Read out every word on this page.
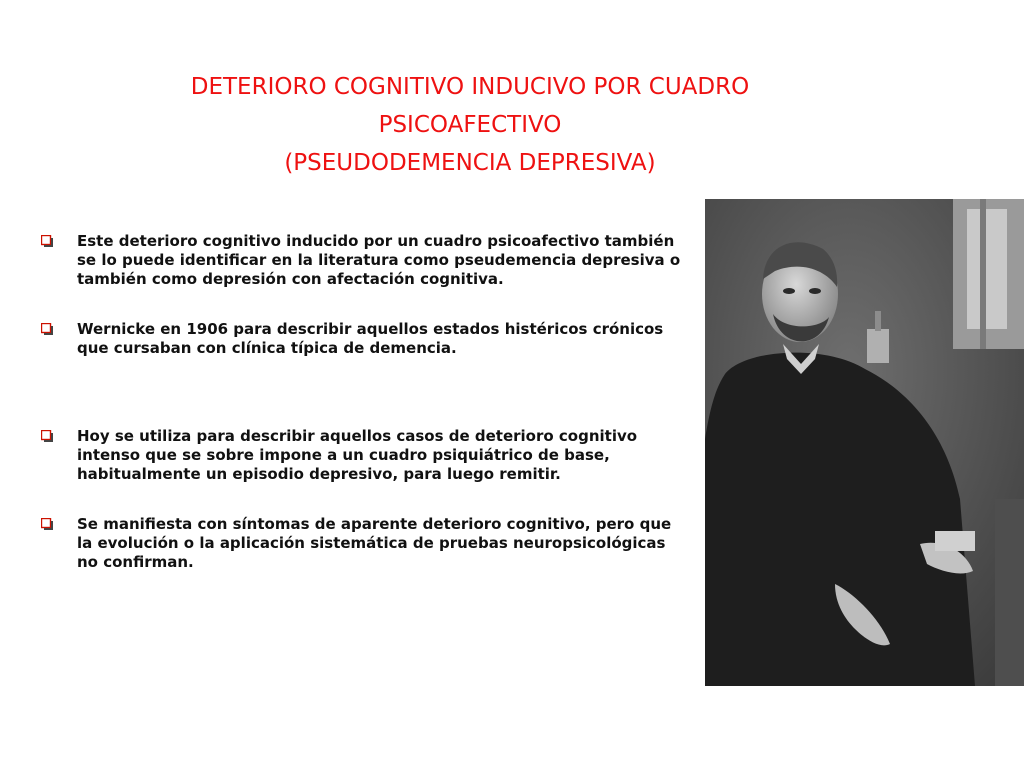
DETERIORO COGNITIVO INDUCIVO POR CUADRO
PSICOAFECTIVO
(PSEUDODEMENCIA DEPRESIVA)
Este deterioro cognitivo inducido por un cuadro psicoafectivo también se lo puede identificar en la literatura como pseudemencia depresiva o también como depresión con afectación cognitiva.
Wernicke en 1906 para describir aquellos estados histéricos crónicos que cursaban con clínica típica de demencia.
Hoy se utiliza para describir aquellos casos de deterioro cognitivo intenso que se sobre impone a un cuadro psiquiátrico de base, habitualmente un episodio depresivo, para luego remitir.
Se manifiesta con síntomas de aparente deterioro cognitivo, pero que la evolución o la aplicación sistemática de pruebas neuropsicológicas no confirman.
